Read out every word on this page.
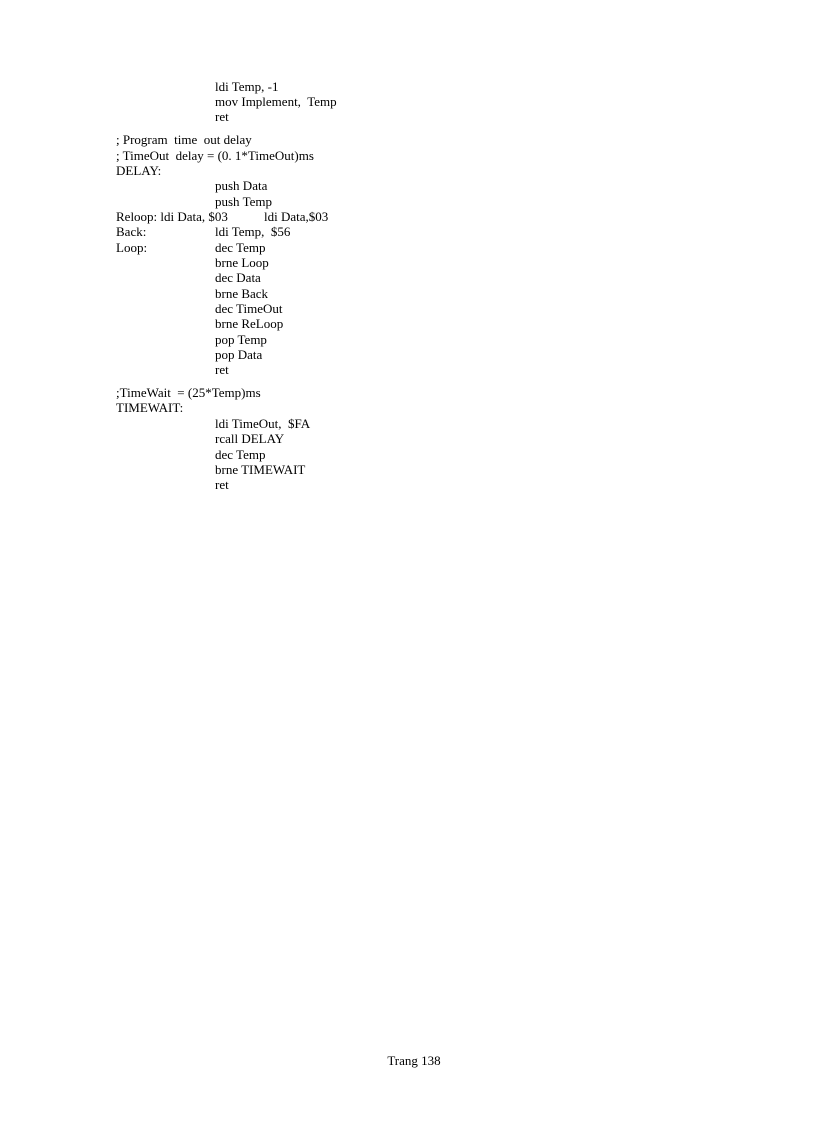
ldi Temp, -1
mov Implement,  Temp
ret
; Program  time  out delay
; TimeOut  delay = (0. 1*TimeOut)ms
DELAY:
push Data
push Temp
Reloop: ldi Data, $03	ldi Data,$03
Back:	ldi Temp,  $56
Loop:	dec Temp
brne Loop
dec Data
brne Back
dec TimeOut
brne ReLoop
pop Temp
pop Data
ret
;TimeWait  = (25*Temp)ms
TIMEWAIT:
ldi TimeOut,  $FA
rcall DELAY
dec Temp
brne TIMEWAIT
ret
Trang 138
